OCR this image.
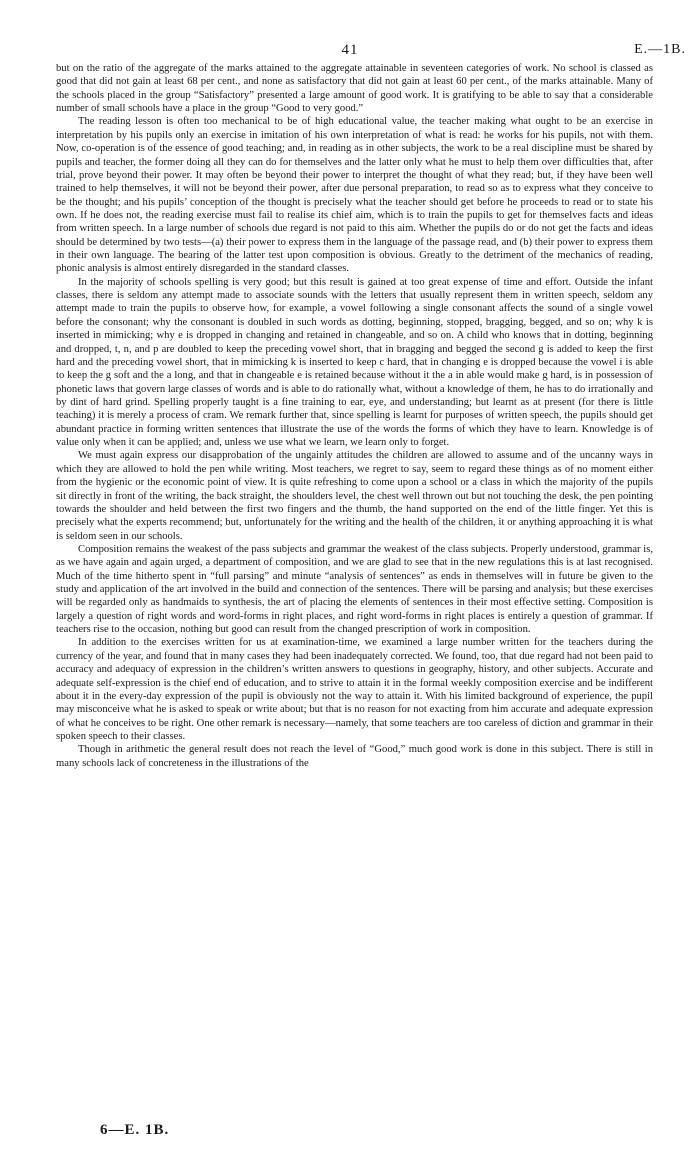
41	E.—1B.

but on the ratio of the aggregate of the marks attained to the aggregate attainable in seventeen categories of work. No school is classed as good that did not gain at least 68 per cent., and none as satisfactory that did not gain at least 60 per cent., of the marks attainable. Many of the schools placed in the group “Satisfactory” presented a large amount of good work. It is gratifying to be able to say that a considerable number of small schools have a place in the group “Good to very good.”

The reading lesson is often too mechanical to be of high educational value, the teacher making what ought to be an exercise in interpretation by his pupils only an exercise in imitation of his own interpretation of what is read: he works for his pupils, not with them. Now, co-operation is of the essence of good teaching; and, in reading as in other subjects, the work to be a real discipline must be shared by pupils and teacher, the former doing all they can do for themselves and the latter only what he must to help them over difficulties that, after trial, prove beyond their power. It may often be beyond their power to interpret the thought of what they read; but, if they have been well trained to help themselves, it will not be beyond their power, after due personal preparation, to read so as to express what they conceive to be the thought; and his pupils’ conception of the thought is precisely what the teacher should get before he proceeds to read or to state his own. If he does not, the reading exercise must fail to realise its chief aim, which is to train the pupils to get for themselves facts and ideas from written speech. In a large number of schools due regard is not paid to this aim. Whether the pupils do or do not get the facts and ideas should be determined by two tests—(a) their power to express them in the language of the passage read, and (b) their power to express them in their own language. The bearing of the latter test upon composition is obvious. Greatly to the detriment of the mechanics of reading, phonic analysis is almost entirely disregarded in the standard classes.

In the majority of schools spelling is very good; but this result is gained at too great expense of time and effort. Outside the infant classes, there is seldom any attempt made to associate sounds with the letters that usually represent them in written speech, seldom any attempt made to train the pupils to observe how, for example, a vowel following a single consonant affects the sound of a single vowel before the consonant; why the consonant is doubled in such words as dotting, beginning, stopped, bragging, begged, and so on; why k is inserted in mimicking; why e is dropped in changing and retained in changeable, and so on. A child who knows that in dotting, beginning and dropped, t, n, and p are doubled to keep the preceding vowel short, that in bragging and begged the second g is added to keep the first hard and the preceding vowel short, that in mimicking k is inserted to keep c hard, that in changing e is dropped because the vowel i is able to keep the g soft and the a long, and that in changeable e is retained because without it the a in able would make g hard, is in possession of phonetic laws that govern large classes of words and is able to do rationally what, without a knowledge of them, he has to do irrationally and by dint of hard grind. Spelling properly taught is a fine training to ear, eye, and understanding; but learnt as at present (for there is little teaching) it is merely a process of cram. We remark further that, since spelling is learnt for purposes of written speech, the pupils should get abundant practice in forming written sentences that illustrate the use of the words the forms of which they have to learn. Knowledge is of value only when it can be applied; and, unless we use what we learn, we learn only to forget.

We must again express our disapprobation of the ungainly attitudes the children are allowed to assume and of the uncanny ways in which they are allowed to hold the pen while writing. Most teachers, we regret to say, seem to regard these things as of no moment either from the hygienic or the economic point of view. It is quite refreshing to come upon a school or a class in which the majority of the pupils sit directly in front of the writing, the back straight, the shoulders level, the chest well thrown out but not touching the desk, the pen pointing towards the shoulder and held between the first two fingers and the thumb, the hand supported on the end of the little finger. Yet this is precisely what the experts recommend; but, unfortunately for the writing and the health of the children, it or anything approaching it is what is seldom seen in our schools.

Composition remains the weakest of the pass subjects and grammar the weakest of the class subjects. Properly understood, grammar is, as we have again and again urged, a department of composition, and we are glad to see that in the new regulations this is at last recognised. Much of the time hitherto spent in “full parsing” and minute “analysis of sentences” as ends in themselves will in future be given to the study and application of the art involved in the build and connection of the sentences. There will be parsing and analysis; but these exercises will be regarded only as handmaids to synthesis, the art of placing the elements of sentences in their most effective setting. Composition is largely a question of right words and word-forms in right places, and right word-forms in right places is entirely a question of grammar. If teachers rise to the occasion, nothing but good can result from the changed prescription of work in composition.

In addition to the exercises written for us at examination-time, we examined a large number written for the teachers during the currency of the year, and found that in many cases they had been inadequately corrected. We found, too, that due regard had not been paid to accuracy and adequacy of expression in the children’s written answers to questions in geography, history, and other subjects. Accurate and adequate self-expression is the chief end of education, and to strive to attain it in the formal weekly composition exercise and be indifferent about it in the every-day expression of the pupil is obviously not the way to attain it. With his limited background of experience, the pupil may misconceive what he is asked to speak or write about; but that is no reason for not exacting from him accurate and adequate expression of what he conceives to be right. One other remark is necessary—namely, that some teachers are too careless of diction and grammar in their spoken speech to their classes.

Though in arithmetic the general result does not reach the level of “Good,” much good work is done in this subject. There is still in many schools lack of concreteness in the illustrations of the

6—E. 1B.
